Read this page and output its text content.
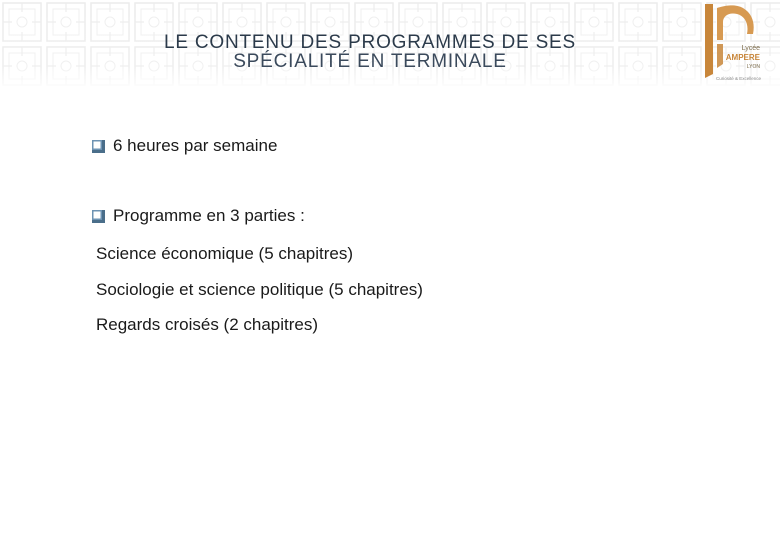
LE CONTENU DES PROGRAMMES DE SES
SPÉCIALITÉ EN TERMINALE
Lycée
AMPERE
LYON
Curiosité & Excellence
6 heures par semaine
Programme en 3 parties :
Science économique (5 chapitres)
Sociologie et science politique (5 chapitres)
Regards croisés (2 chapitres)
